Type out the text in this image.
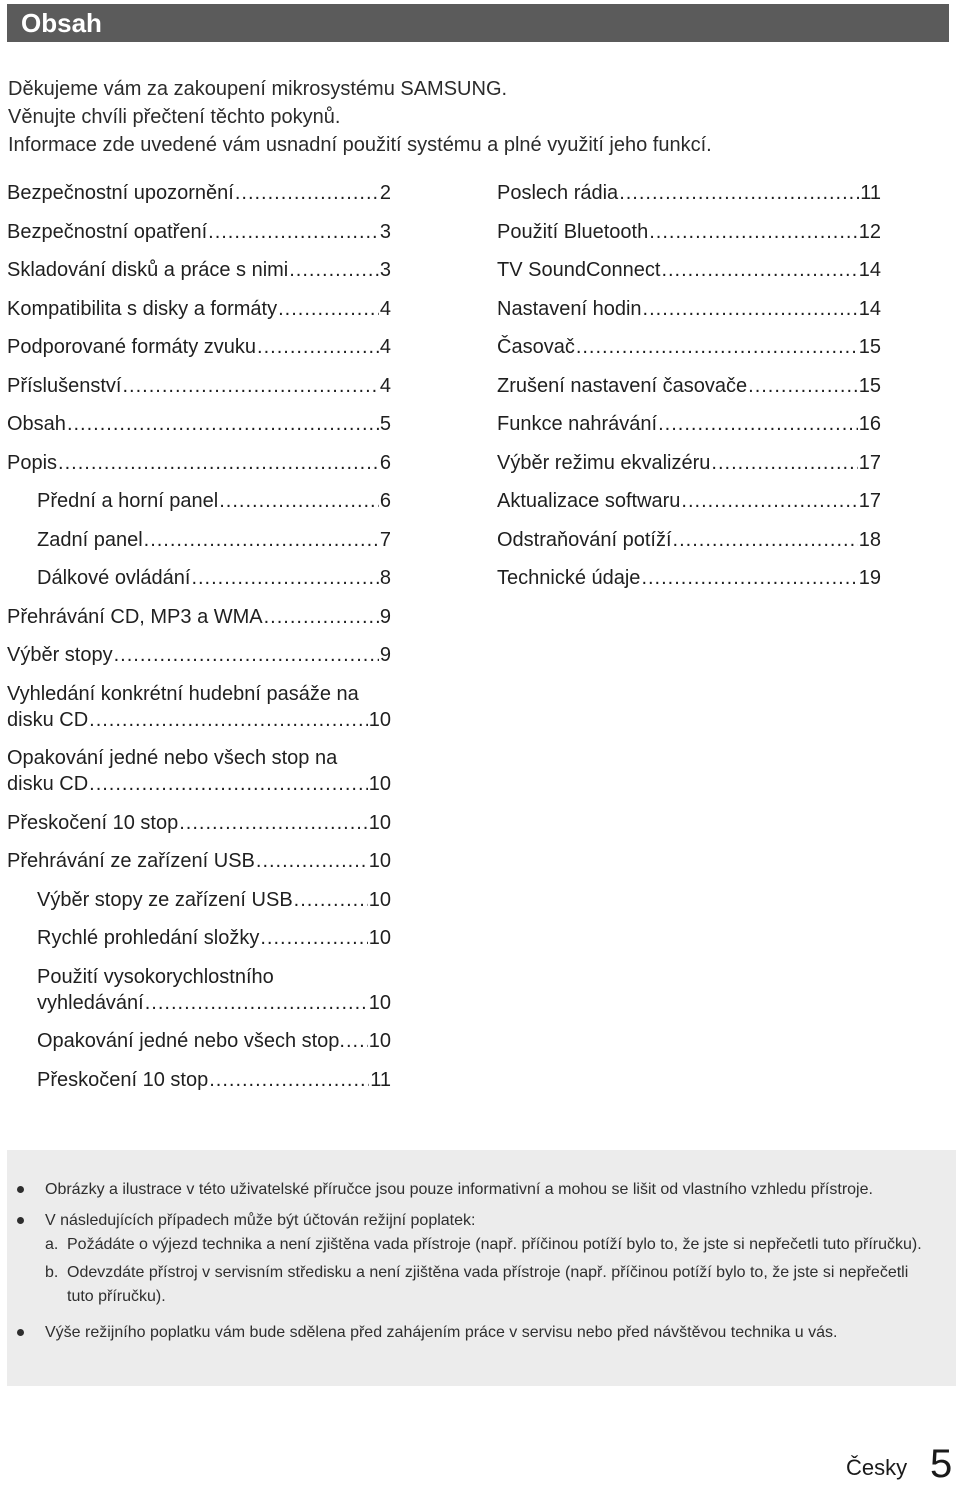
Obsah

Děkujeme vám za zakoupení mikrosystému SAMSUNG.

Věnujte chvíli přečtení těchto pokynů.

Informace zde uvedené vám usnadní použití systému a plné využití jeho funkcí.

Bezpečnostní upozornění .....	2
Bezpečnostní opatření .....	3
Skladování disků a práce s nimi .....	3
Kompatibilita s disky a formáty .....	4
Podporované formáty zvuku .....	4
Příslušenství .....	4
Obsah .....	5
Popis .....	6
Přední a horní panel .....	6
Zadní panel .....	7
Dálkové ovládání .....	8
Přehrávání CD, MP3 a WMA .....	9
Výběr stopy .....	9
Vyhledání konkrétní hudební pasáže na
disku CD .....	10
Opakování jedné nebo všech stop na
disku CD .....	10
Přeskočení 10 stop .....	10
Přehrávání ze zařízení USB .....	10
Výběr stopy ze zařízení USB .....	10
Rychlé prohledání složky .....	10
Použití vysokorychlostního
vyhledávání .....	10
Opakování jedné nebo všech stop. ..... 10
Přeskočení 10 stop .....	11
Poslech rádia .....	11
Použití Bluetooth .....	12
TV SoundConnect .....	14
Nastavení hodin .....	14
Časovač .....	15
Zrušení nastavení časovače .....	15
Funkce nahrávání .....	16
Výběr režimu ekvalizéru .....	17
Aktualizace softwaru .....	17
Odstraňování potíží .....	18
Technické údaje .....	19
Obrázky a ilustrace v této uživatelské příručce jsou pouze informativní a mohou se lišit od vlastního vzhledu přístroje.
V následujících případech může být účtován režijní poplatek:
a. Požádáte o výjezd technika a není zjištěna vada přístroje (např. příčinou potíží bylo to, že jste si nepřečetli tuto příručku).
b. Odevzdáte přístroj v servisním středisku a není zjištěna vada přístroje (např. příčinou potíží bylo to, že jste si nepřečetli tuto příručku).
Výše režijního poplatku vám bude sdělena před zahájením práce v servisu nebo před návštěvou technika u vás.
Česky 5
